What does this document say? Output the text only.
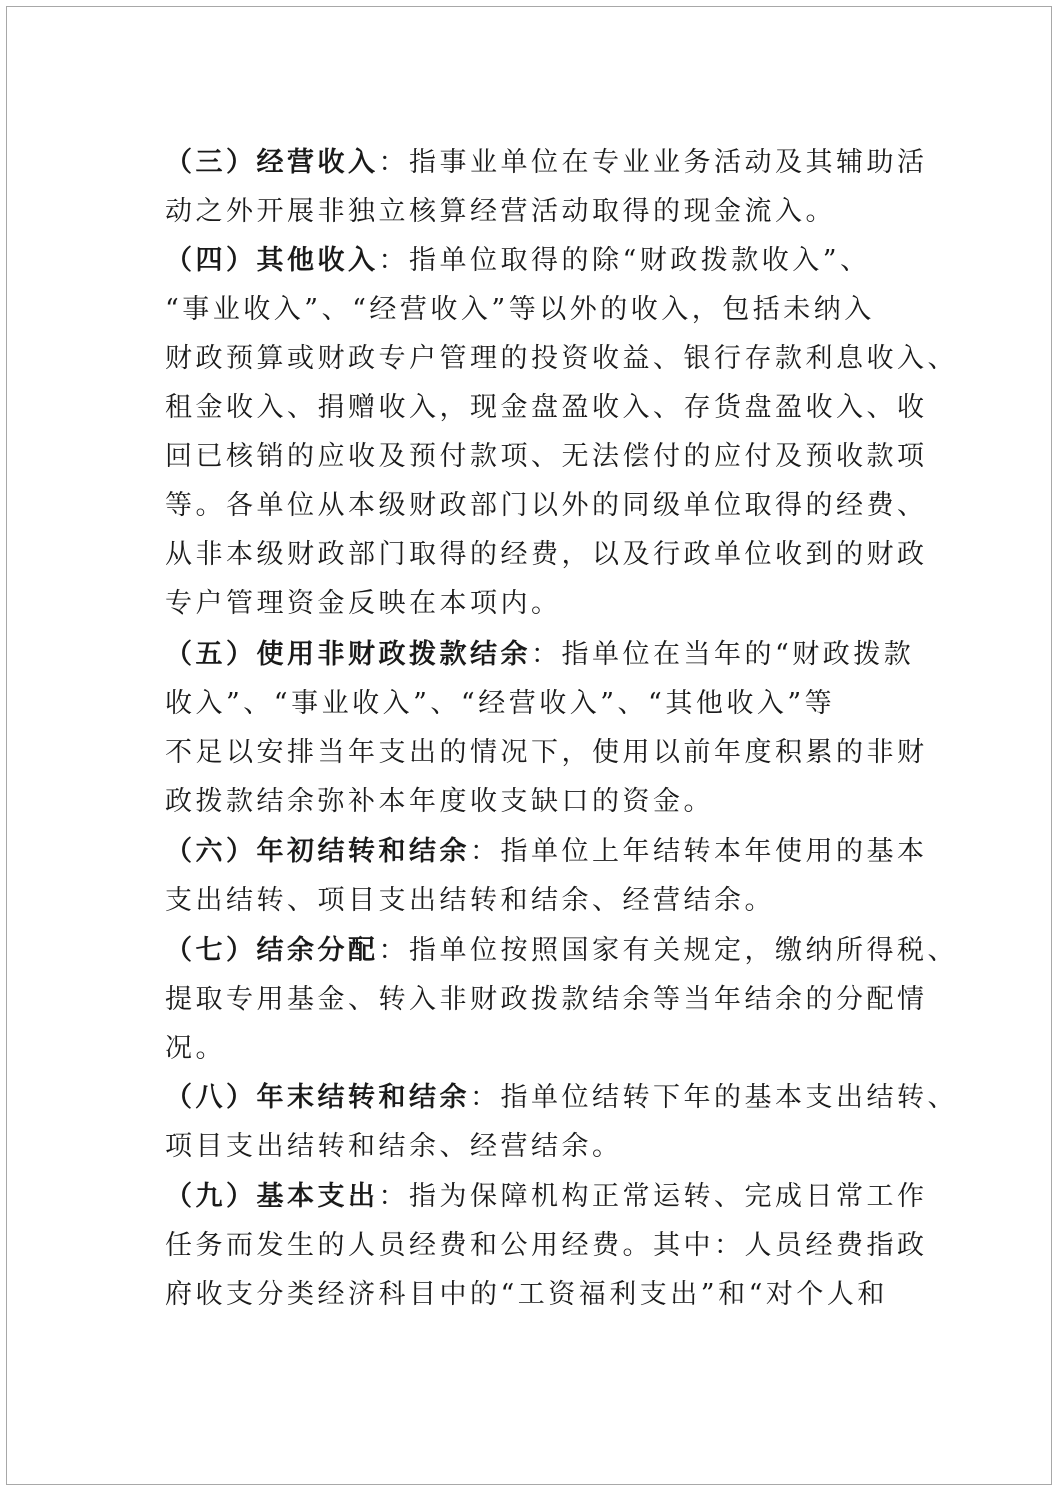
（三）经营收入：指事业单位在专业业务活动及其辅助活
动之外开展非独立核算经营活动取得的现金流入。
（四）其他收入：指单位取得的除“财政拨款收入”、
“事业收入”、“经营收入”等以外的收入，包括未纳入
财政预算或财政专户管理的投资收益、银行存款利息收入、
租金收入、捐赠收入，现金盘盈收入、存货盘盈收入、收
回已核销的应收及预付款项、无法偿付的应付及预收款项
等。各单位从本级财政部门以外的同级单位取得的经费、
从非本级财政部门取得的经费，以及行政单位收到的财政
专户管理资金反映在本项内。
（五）使用非财政拨款结余：指单位在当年的“财政拨款
收入”、“事业收入”、“经营收入”、“其他收入”等
不足以安排当年支出的情况下，使用以前年度积累的非财
政拨款结余弥补本年度收支缺口的资金。
（六）年初结转和结余：指单位上年结转本年使用的基本
支出结转、项目支出结转和结余、经营结余。
（七）结余分配：指单位按照国家有关规定，缴纳所得税、
提取专用基金、转入非财政拨款结余等当年结余的分配情
况。
（八）年末结转和结余：指单位结转下年的基本支出结转、
项目支出结转和结余、经营结余。
（九）基本支出：指为保障机构正常运转、完成日常工作
任务而发生的人员经费和公用经费。其中：人员经费指政
府收支分类经济科目中的“工资福利支出”和“对个人和
